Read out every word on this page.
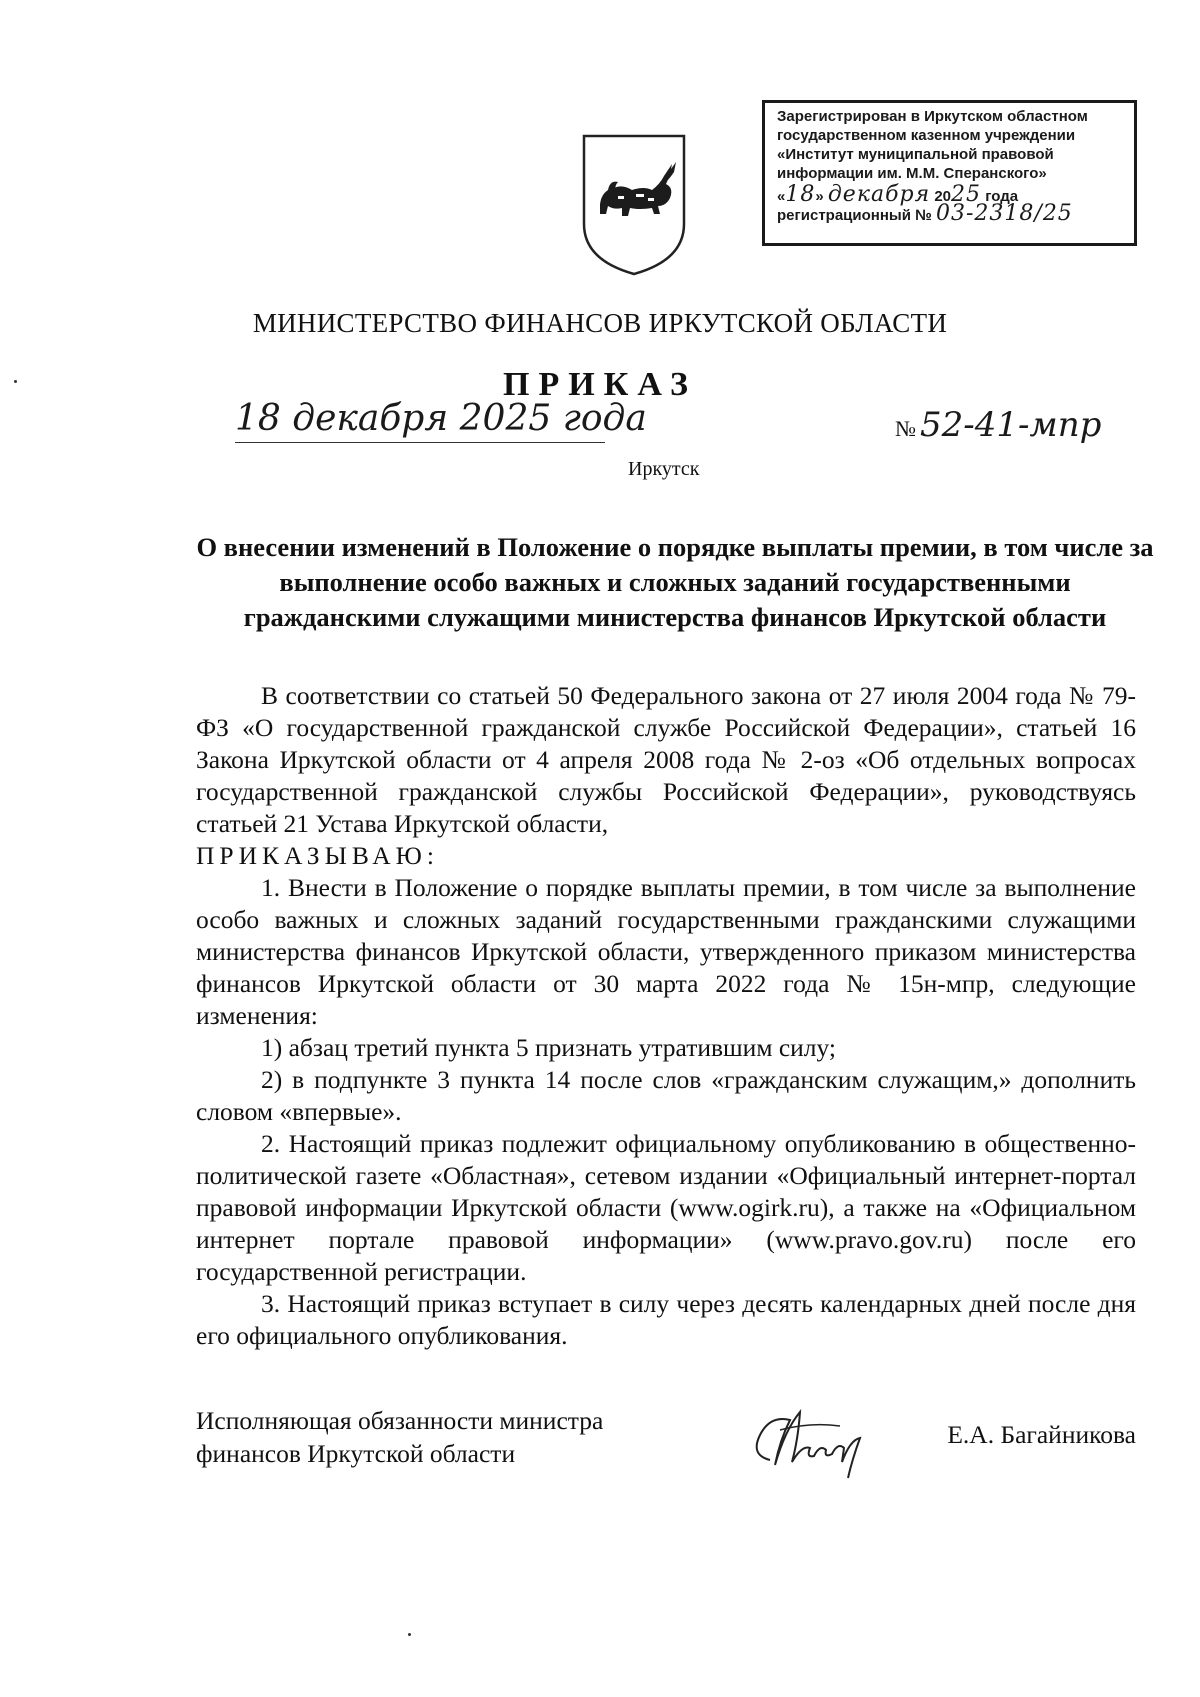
Зарегистрирован в Иркутском областном
государственном казенном учреждении
«Институт муниципальной правовой
информации им. М.М. Сперанского»
«18» декабря 2025 года
регистрационный № 03-2318/25
МИНИСТЕРСТВО ФИНАНСОВ ИРКУТСКОЙ ОБЛАСТИ
ПРИКАЗ
18 декабря 2025 года	№ 52-41-мпр
Иркутск
О внесении изменений в Положение о порядке выплаты премии, в том числе за выполнение особо важных и сложных заданий государственными гражданскими служащими министерства финансов Иркутской области

В соответствии со статьей 50 Федерального закона от 27 июля 2004 года № 79-ФЗ «О государственной гражданской службе Российской Федерации», статьей 16 Закона Иркутской области от 4 апреля 2008 года № 2-оз «Об отдельных вопросах государственной гражданской службы Российской Федерации», руководствуясь статьей 21 Устава Иркутской области,

ПРИКАЗЫВАЮ:

1. Внести в Положение о порядке выплаты премии, в том числе за выполнение особо важных и сложных заданий государственными гражданскими служащими министерства финансов Иркутской области, утвержденного приказом министерства финансов Иркутской области от 30 марта 2022 года № 15н-мпр, следующие изменения:

1) абзац третий пункта 5 признать утратившим силу;

2) в подпункте 3 пункта 14 после слов «гражданским служащим,» дополнить словом «впервые».

2. Настоящий приказ подлежит официальному опубликованию в общественно-политической газете «Областная», сетевом издании «Официальный интернет-портал правовой информации Иркутской области (www.ogirk.ru), а также на «Официальном интернет портале правовой информации» (www.pravo.gov.ru) после его государственной регистрации.

3. Настоящий приказ вступает в силу через десять календарных дней после дня его официального опубликования.

Исполняющая обязанности министра
финансов Иркутской области
Е.А. Багайникова
